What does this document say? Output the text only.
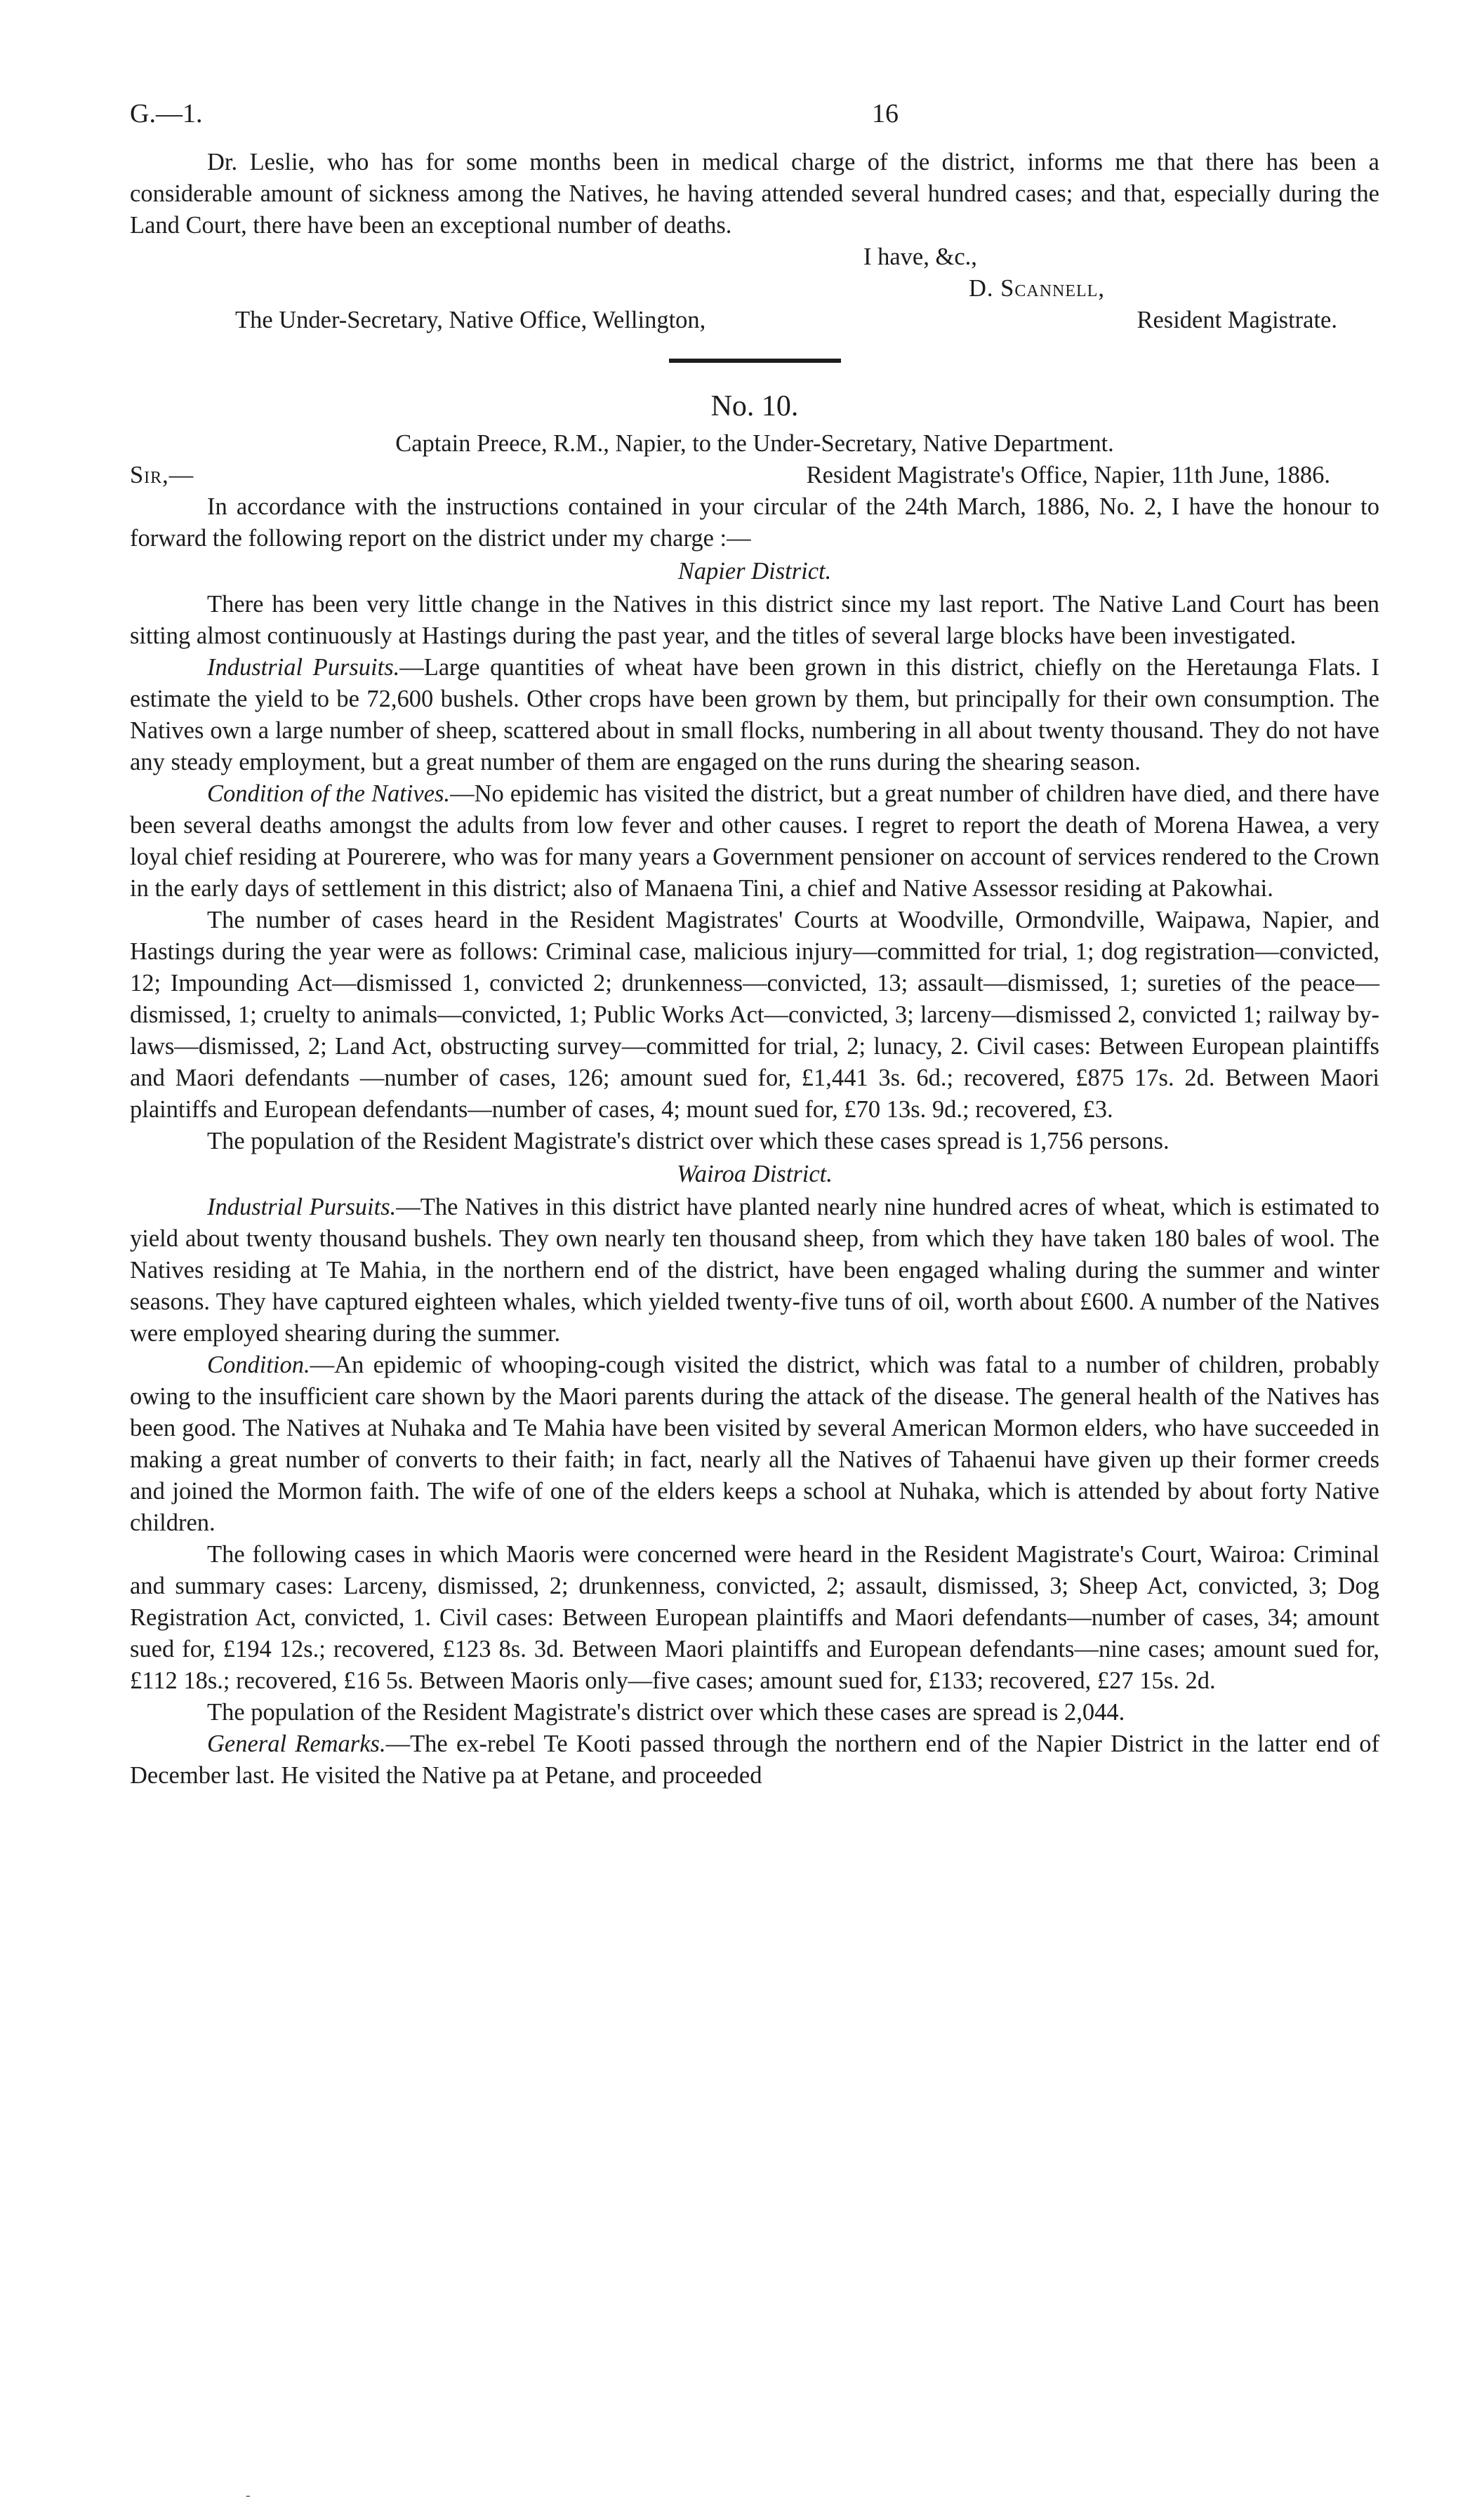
G.—1.	16

Dr. Leslie, who has for some months been in medical charge of the district, informs me that there has been a considerable amount of sickness among the Natives, he having attended several hundred cases; and that, especially during the Land Court, there have been an exceptional number of deaths.

I have, &c.,
D. Scannell,
The Under-Secretary, Native Office, Wellington,	Resident Magistrate.
No. 10.

Captain Preece, R.M., Napier, to the Under-Secretary, Native Department.

Sir,—	Resident Magistrate's Office, Napier, 11th June, 1886.

In accordance with the instructions contained in your circular of the 24th March, 1886, No. 2, I have the honour to forward the following report on the district under my charge :—

Napier District.

There has been very little change in the Natives in this district since my last report. The Native Land Court has been sitting almost continuously at Hastings during the past year, and the titles of several large blocks have been investigated.

Industrial Pursuits.—Large quantities of wheat have been grown in this district, chiefly on the Heretaunga Flats. I estimate the yield to be 72,600 bushels. Other crops have been grown by them, but principally for their own consumption. The Natives own a large number of sheep, scattered about in small flocks, numbering in all about twenty thousand. They do not have any steady employment, but a great number of them are engaged on the runs during the shearing season.

Condition of the Natives.—No epidemic has visited the district, but a great number of children have died, and there have been several deaths amongst the adults from low fever and other causes. I regret to report the death of Morena Hawea, a very loyal chief residing at Pourerere, who was for many years a Government pensioner on account of services rendered to the Crown in the early days of settlement in this district; also of Manaena Tini, a chief and Native Assessor residing at Pakowhai.

The number of cases heard in the Resident Magistrates' Courts at Woodville, Ormondville, Waipawa, Napier, and Hastings during the year were as follows: Criminal case, malicious injury—committed for trial, 1; dog registration—convicted, 12; Impounding Act—dismissed 1, convicted 2; drunkenness—convicted, 13; assault—dismissed, 1; sureties of the peace—dismissed, 1; cruelty to animals—convicted, 1; Public Works Act—convicted, 3; larceny—dismissed 2, convicted 1; railway by-laws—dismissed, 2; Land Act, obstructing survey—committed for trial, 2; lunacy, 2. Civil cases: Between European plaintiffs and Maori defendants —number of cases, 126; amount sued for, £1,441 3s. 6d.; recovered, £875 17s. 2d. Between Maori plaintiffs and European defendants—number of cases, 4; mount sued for, £70 13s. 9d.; recovered, £3.

The population of the Resident Magistrate's district over which these cases spread is 1,756 persons.

Wairoa District.

Industrial Pursuits.—The Natives in this district have planted nearly nine hundred acres of wheat, which is estimated to yield about twenty thousand bushels. They own nearly ten thousand sheep, from which they have taken 180 bales of wool. The Natives residing at Te Mahia, in the northern end of the district, have been engaged whaling during the summer and winter seasons. They have captured eighteen whales, which yielded twenty-five tuns of oil, worth about £600. A number of the Natives were employed shearing during the summer.

Condition.—An epidemic of whooping-cough visited the district, which was fatal to a number of children, probably owing to the insufficient care shown by the Maori parents during the attack of the disease. The general health of the Natives has been good. The Natives at Nuhaka and Te Mahia have been visited by several American Mormon elders, who have succeeded in making a great number of converts to their faith; in fact, nearly all the Natives of Tahaenui have given up their former creeds and joined the Mormon faith. The wife of one of the elders keeps a school at Nuhaka, which is attended by about forty Native children.

The following cases in which Maoris were concerned were heard in the Resident Magistrate's Court, Wairoa: Criminal and summary cases: Larceny, dismissed, 2; drunkenness, convicted, 2; assault, dismissed, 3; Sheep Act, convicted, 3; Dog Registration Act, convicted, 1. Civil cases: Between European plaintiffs and Maori defendants—number of cases, 34; amount sued for, £194 12s.; recovered, £123 8s. 3d. Between Maori plaintiffs and European defendants—nine cases; amount sued for, £112 18s.; recovered, £16 5s. Between Maoris only—five cases; amount sued for, £133; recovered, £27 15s. 2d.

The population of the Resident Magistrate's district over which these cases are spread is 2,044.

General Remarks.—The ex-rebel Te Kooti passed through the northern end of the Napier District in the latter end of December last. He visited the Native pa at Petane, and proceeded

-
